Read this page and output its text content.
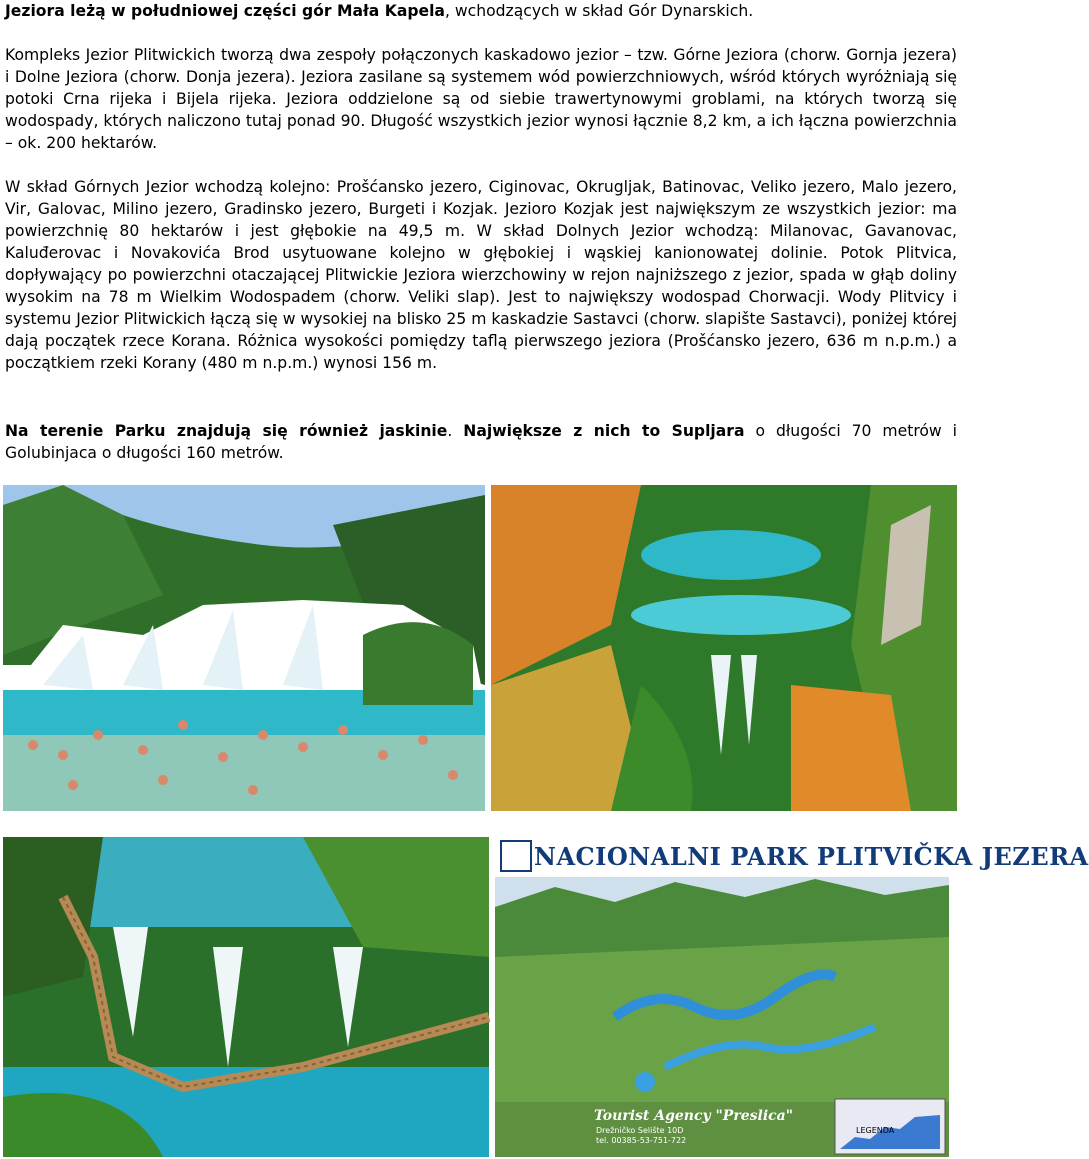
Jeziora leżą w południowej części gór Mała Kapela, wchodzących w skład Gór Dynarskich.

Kompleks Jezior Plitwickich tworzą dwa zespoły połączonych kaskadowo jezior – tzw. Górne Jeziora (chorw. Gornja jezera) i Dolne Jeziora (chorw. Donja jezera). Jeziora zasilane są systemem wód powierzchniowych, wśród których wyróżniają się potoki Crna rijeka i Bijela rijeka. Jeziora oddzielone są od siebie trawertynowymi groblami, na których tworzą się wodospady, których naliczono tutaj ponad 90. Długość wszystkich jezior wynosi łącznie 8,2 km, a ich łączna powierzchnia – ok. 200 hektarów.

W skład Górnych Jezior wchodzą kolejno: Prošćansko jezero, Ciginovac, Okrugljak, Batinovac, Veliko jezero, Malo jezero, Vir, Galovac, Milino jezero, Gradinsko jezero, Burgeti i Kozjak. Jezioro Kozjak jest największym ze wszystkich jezior: ma powierzchnię 80 hektarów i jest głębokie na 49,5 m. W skład Dolnych Jezior wchodzą: Milanovac, Gavanovac, Kaluđerovac i Novakovića Brod usytuowane kolejno w głębokiej i wąskiej kanionowatej dolinie. Potok Plitvica, dopływający po powierzchni otaczającej Plitwickie Jeziora wierzchowiny w rejon najniższego z jezior, spada w głąb doliny wysokim na 78 m Wielkim Wodospadem (chorw. Veliki slap). Jest to największy wodospad Chorwacji. Wody Plitvicy i systemu Jezior Plitwickich łączą się w wysokiej na blisko 25 m kaskadzie Sastavci (chorw. slapište Sastavci), poniżej której dają początek rzece Korana. Różnica wysokości pomiędzy taflą pierwszego jeziora (Prošćansko jezero, 636 m n.p.m.) a początkiem rzeki Korany (480 m n.p.m.) wynosi 156 m.

Na terenie Parku znajdują się również jaskinie. Największe z nich to Supljara o długości 70 metrów i Golubinjaca o długości 160 metrów.

NACIONALNI PARK PLITVIČKA JEZERA
Tourist Agency "Preslica"
Drežničko Selište 10D
tel. 00385-53-751-722
LEGENDA
